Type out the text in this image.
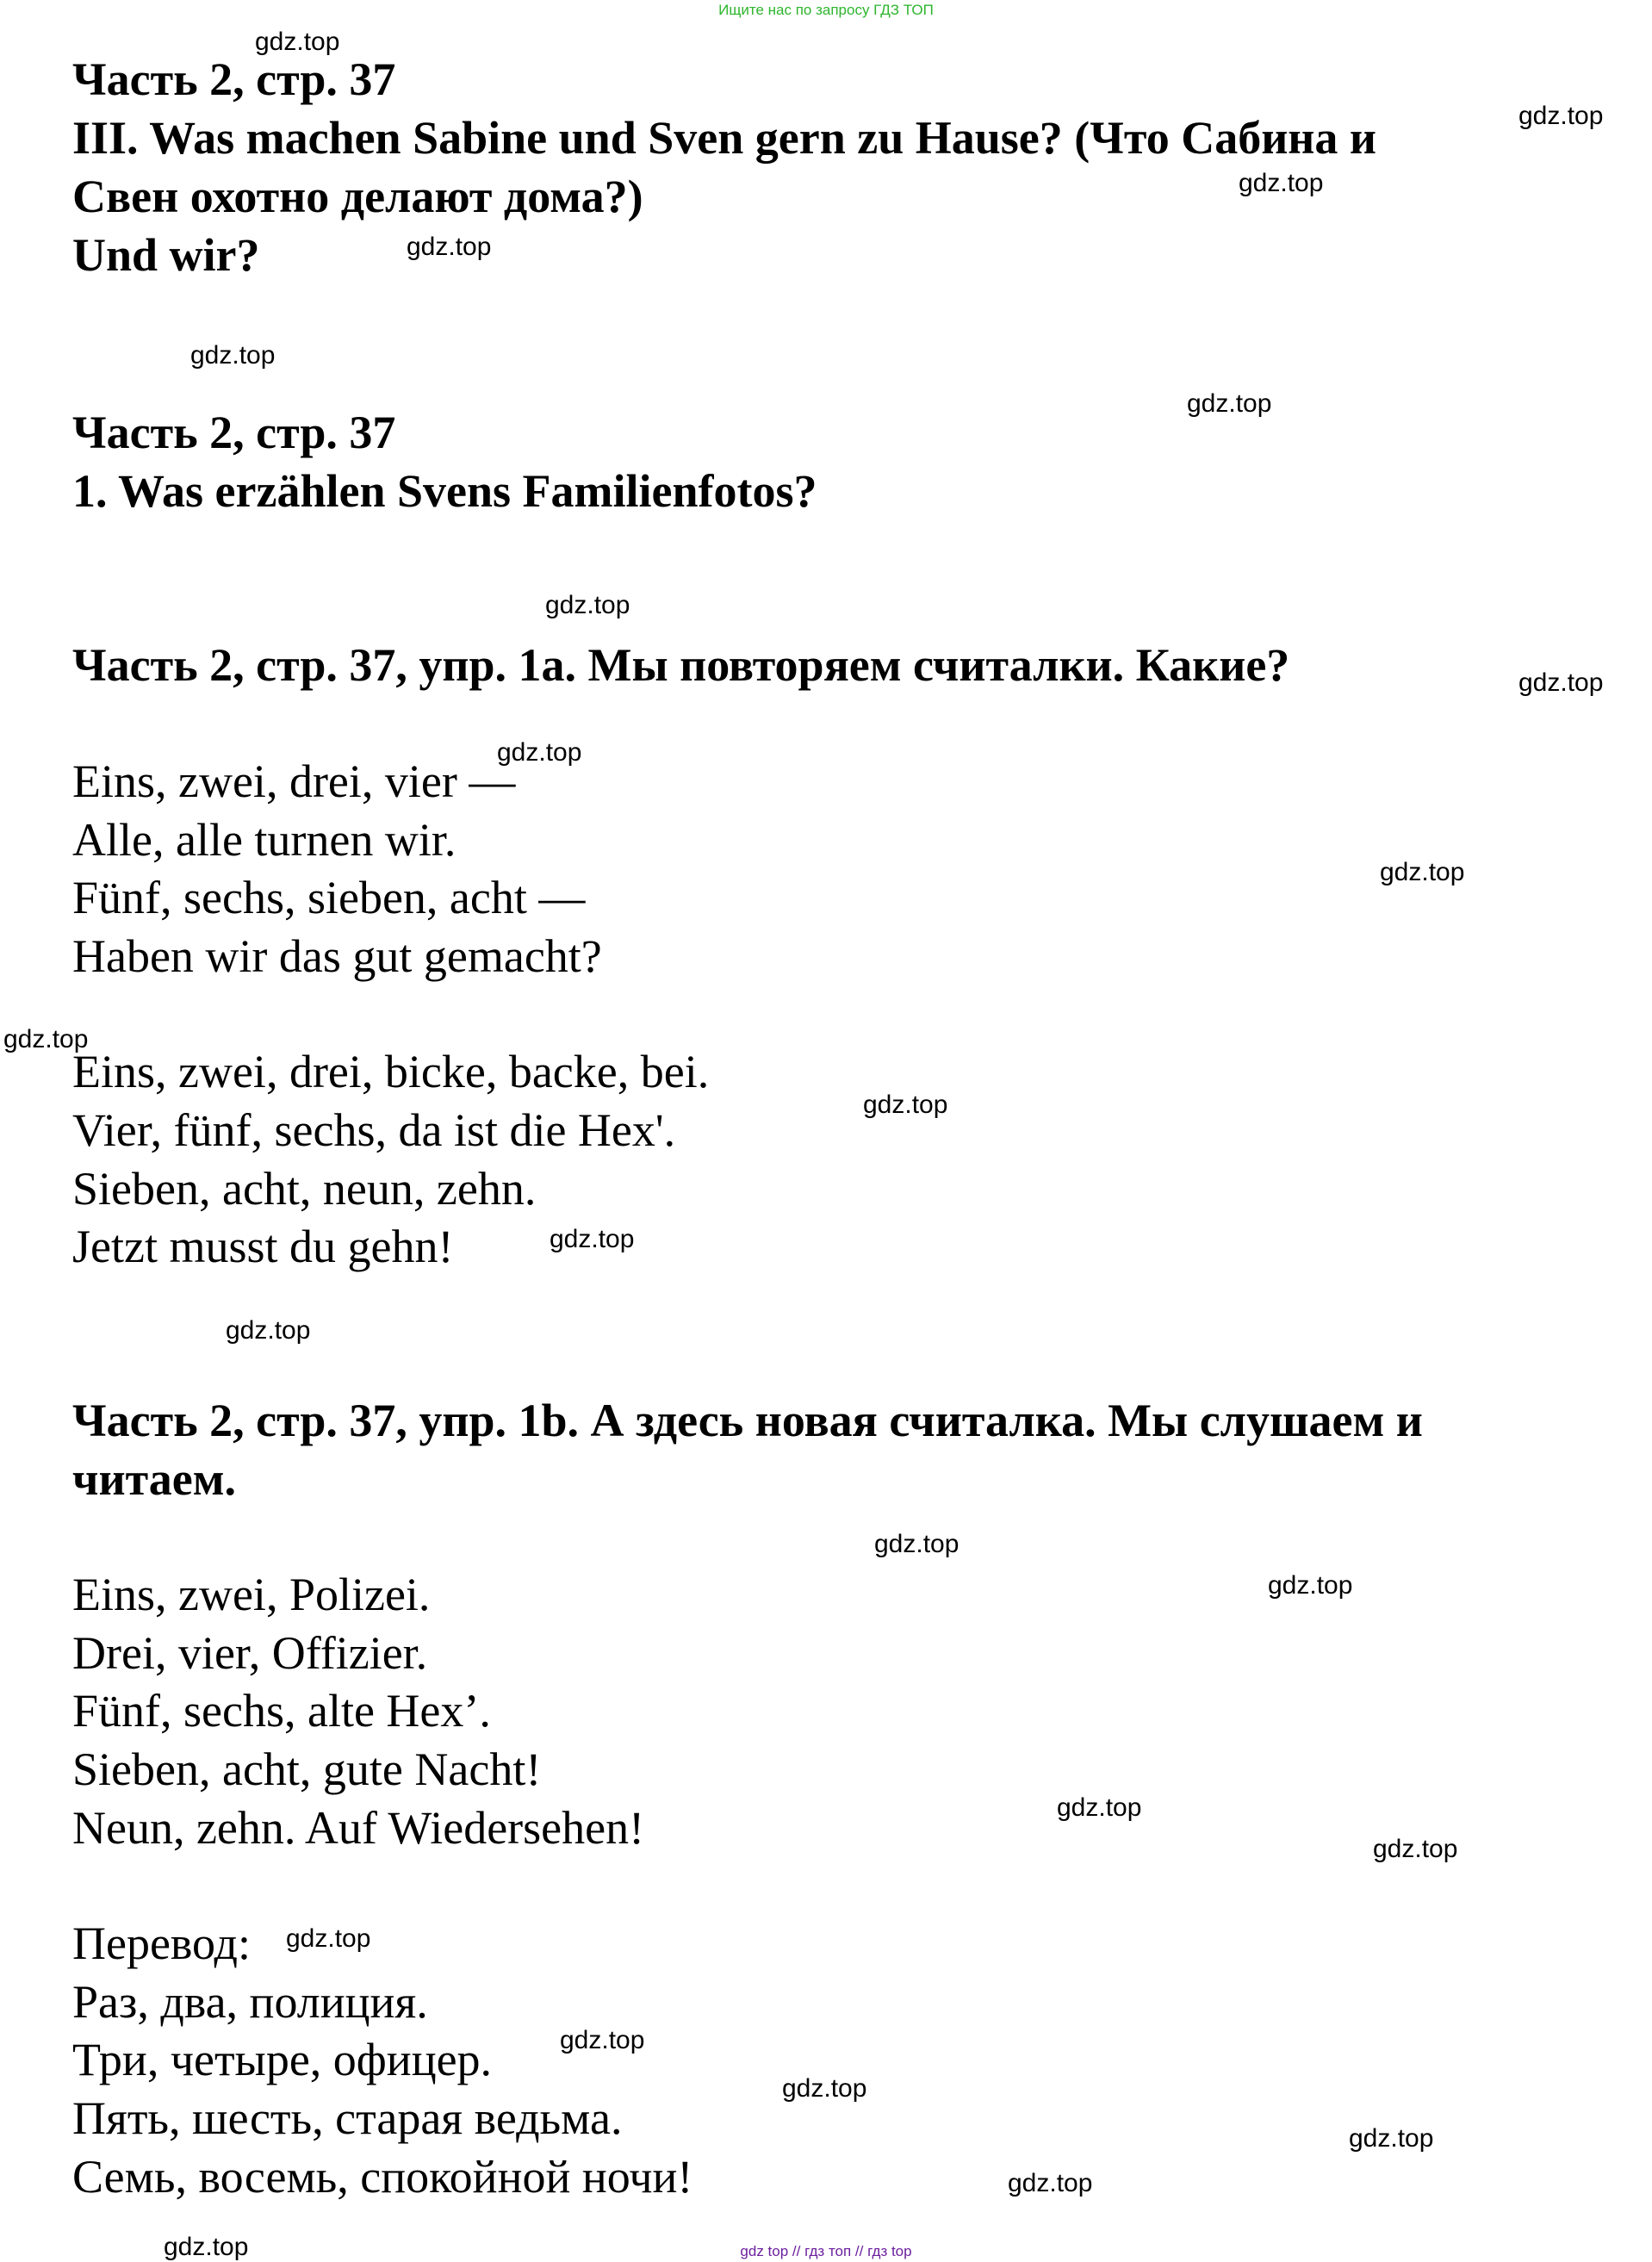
Ищите нас по запросу ГДЗ ТОП
Часть 2, стр. 37
III. Was machen Sabine und Sven gern zu Hause? (Что Сабина и
Свен охотно делают дома?)
Und wir?
Часть 2, стр. 37
1. Was erzählen Svens Familienfotos?
Часть 2, стр. 37, упр. 1а. Мы повторяем считалки. Какие?
Eins, zwei, drei, vier —
Alle, alle turnen wir.
Fünf, sechs, sieben, acht —
Haben wir das gut gemacht?
Eins, zwei, drei, bicke, backe, bei.
Vier, fünf, sechs, da ist die Hex'.
Sieben, acht, neun, zehn.
Jetzt musst du gehn!
Часть 2, стр. 37, упр. 1b. А здесь новая считалка. Мы слушаем и
читаем.
Eins, zwei, Polizei.
Drei, vier, Offizier.
Fünf, sechs, alte Hex’.
Sieben, acht, gute Nacht!
Neun, zehn. Auf Wiedersehen!
Перевод:
Раз, два, полиция.
Три, четыре, офицер.
Пять, шесть, старая ведьма.
Семь, восемь, спокойной ночи!
gdz.top
gdz.top
gdz.top
gdz.top
gdz.top
gdz.top
gdz.top
gdz.top
gdz.top
gdz.top
gdz.top
gdz.top
gdz.top
gdz.top
gdz.top
gdz.top
gdz.top
gdz.top
gdz.top
gdz.top
gdz.top
gdz.top
gdz.top
gdz.top	gdz top // гдз топ // гдз top
